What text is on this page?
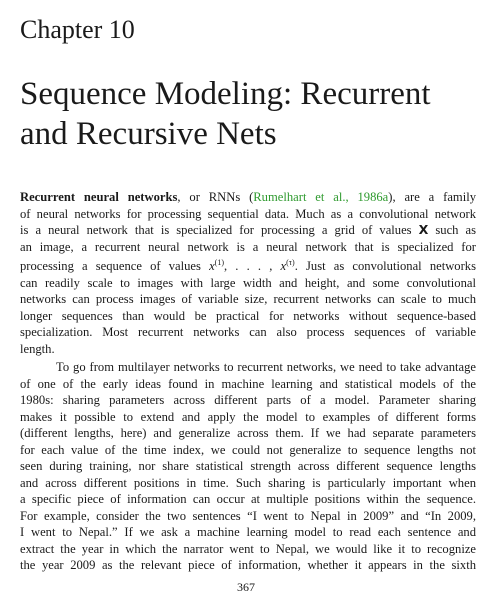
Chapter 10
Sequence Modeling: Recurrent
and Recursive Nets
Recurrent neural networks, or RNNs (Rumelhart et al., 1986a), are a family
of neural networks for processing sequential data. Much as a convolutional network
is a neural network that is specialized for processing a grid of values X such as
an image, a recurrent neural network is a neural network that is specialized for
processing a sequence of values $x^{(1)}$, . . . , $x^{(\tau)}$. Just as convolutional networks
can readily scale to images with large width and height, and some convolutional
networks can process images of variable size, recurrent networks can scale to much
longer sequences than would be practical for networks without sequence-based
specialization. Most recurrent networks can also process sequences of variable
length.
To go from multilayer networks to recurrent networks, we need to take advantage
of one of the early ideas found in machine learning and statistical models of the
1980s: sharing parameters across different parts of a model. Parameter sharing
makes it possible to extend and apply the model to examples of different forms
(different lengths, here) and generalize across them. If we had separate parameters
for each value of the time index, we could not generalize to sequence lengths not
seen during training, nor share statistical strength across different sequence lengths
and across different positions in time. Such sharing is particularly important when
a specific piece of information can occur at multiple positions within the sequence.
For example, consider the two sentences “I went to Nepal in 2009” and “In 2009,
I went to Nepal.” If we ask a machine learning model to read each sentence and
extract the year in which the narrator went to Nepal, we would like it to recognize
the year 2009 as the relevant piece of information, whether it appears in the sixth
367
